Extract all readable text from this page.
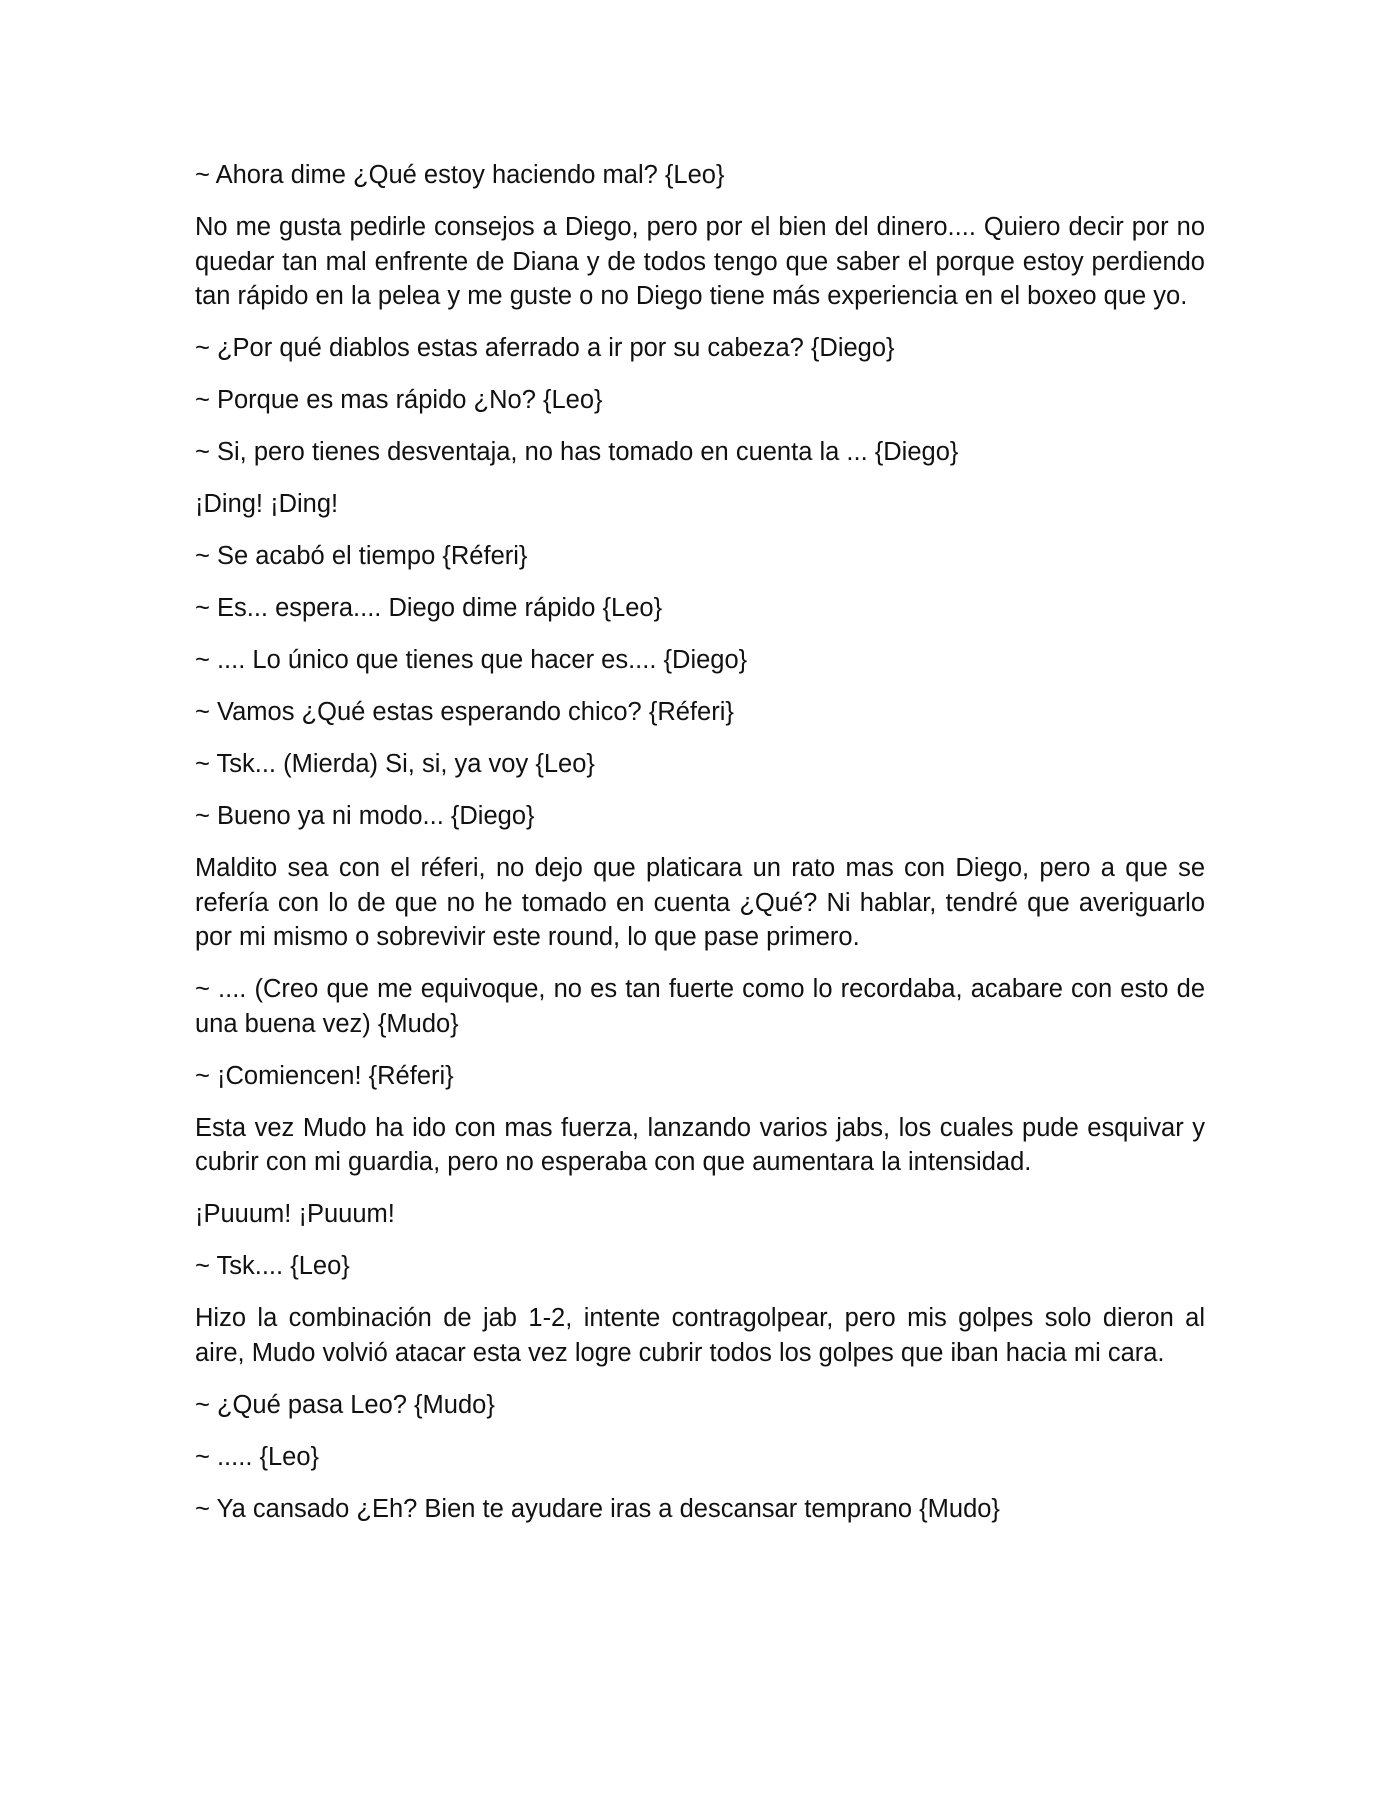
~ Ahora dime ¿Qué estoy haciendo mal? {Leo}

No me gusta pedirle consejos a Diego, pero por el bien del dinero.... Quiero decir por no quedar tan mal enfrente de Diana y de todos tengo que saber el porque estoy perdiendo tan rápido en la pelea y me guste o no Diego tiene más experiencia en el boxeo que yo.

~ ¿Por qué diablos estas aferrado a ir por su cabeza? {Diego}

~ Porque es mas rápido ¿No? {Leo}

~ Si, pero tienes desventaja, no has tomado en cuenta la ... {Diego}

¡Ding! ¡Ding!

~ Se acabó el tiempo {Réferi}

~ Es... espera.... Diego dime rápido {Leo}

~ .... Lo único que tienes que hacer es.... {Diego}

~ Vamos ¿Qué estas esperando chico? {Réferi}

~ Tsk... (Mierda) Si, si, ya voy {Leo}

~ Bueno ya ni modo... {Diego}

Maldito sea con el réferi, no dejo que platicara un rato mas con Diego, pero a que se refería con lo de que no he tomado en cuenta ¿Qué? Ni hablar, tendré que averiguarlo por mi mismo o sobrevivir este round, lo que pase primero.

~ .... (Creo que me equivoque, no es tan fuerte como lo recordaba, acabare con esto de una buena vez) {Mudo}

~ ¡Comiencen! {Réferi}

Esta vez Mudo ha ido con mas fuerza, lanzando varios jabs, los cuales pude esquivar y cubrir con mi guardia, pero no esperaba con que aumentara la intensidad.

¡Puuum! ¡Puuum!

~ Tsk.... {Leo}

Hizo la combinación de jab 1-2, intente contragolpear, pero mis golpes solo dieron al aire, Mudo volvió atacar esta vez logre cubrir todos los golpes que iban hacia mi cara.

~ ¿Qué pasa Leo? {Mudo}

~ ..... {Leo}

~ Ya cansado ¿Eh? Bien te ayudare iras a descansar temprano {Mudo}
